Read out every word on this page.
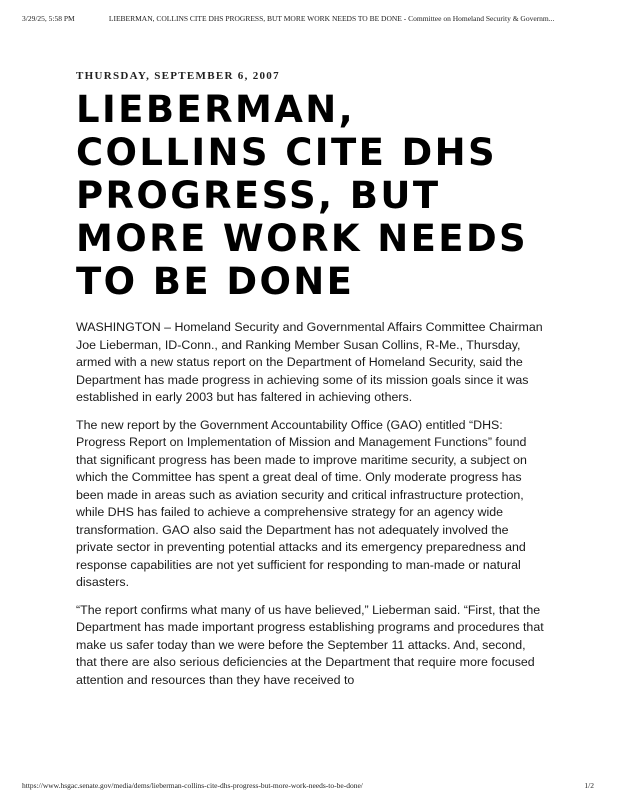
3/29/25, 5:58 PM	LIEBERMAN, COLLINS CITE DHS PROGRESS, BUT MORE WORK NEEDS TO BE DONE - Committee on Homeland Security & Governm...
THURSDAY, SEPTEMBER 6, 2007
LIEBERMAN, COLLINS CITE DHS PROGRESS, BUT MORE WORK NEEDS TO BE DONE

WASHINGTON – Homeland Security and Governmental Affairs Committee Chairman Joe Lieberman, ID-Conn., and Ranking Member Susan Collins, R-Me., Thursday, armed with a new status report on the Department of Homeland Security, said the Department has made progress in achieving some of its mission goals since it was established in early 2003 but has faltered in achieving others.

The new report by the Government Accountability Office (GAO) entitled “DHS: Progress Report on Implementation of Mission and Management Functions” found that significant progress has been made to improve maritime security, a subject on which the Committee has spent a great deal of time. Only moderate progress has been made in areas such as aviation security and critical infrastructure protection, while DHS has failed to achieve a comprehensive strategy for an agency wide transformation. GAO also said the Department has not adequately involved the private sector in preventing potential attacks and its emergency preparedness and response capabilities are not yet sufficient for responding to man-made or natural disasters.

“The report confirms what many of us have believed,” Lieberman said. “First, that the Department has made important progress establishing programs and procedures that make us safer today than we were before the September 11 attacks. And, second, that there are also serious deficiencies at the Department that require more focused attention and resources than they have received to

https://www.hsgac.senate.gov/media/dems/lieberman-collins-cite-dhs-progress-but-more-work-needs-to-be-done/	1/2
